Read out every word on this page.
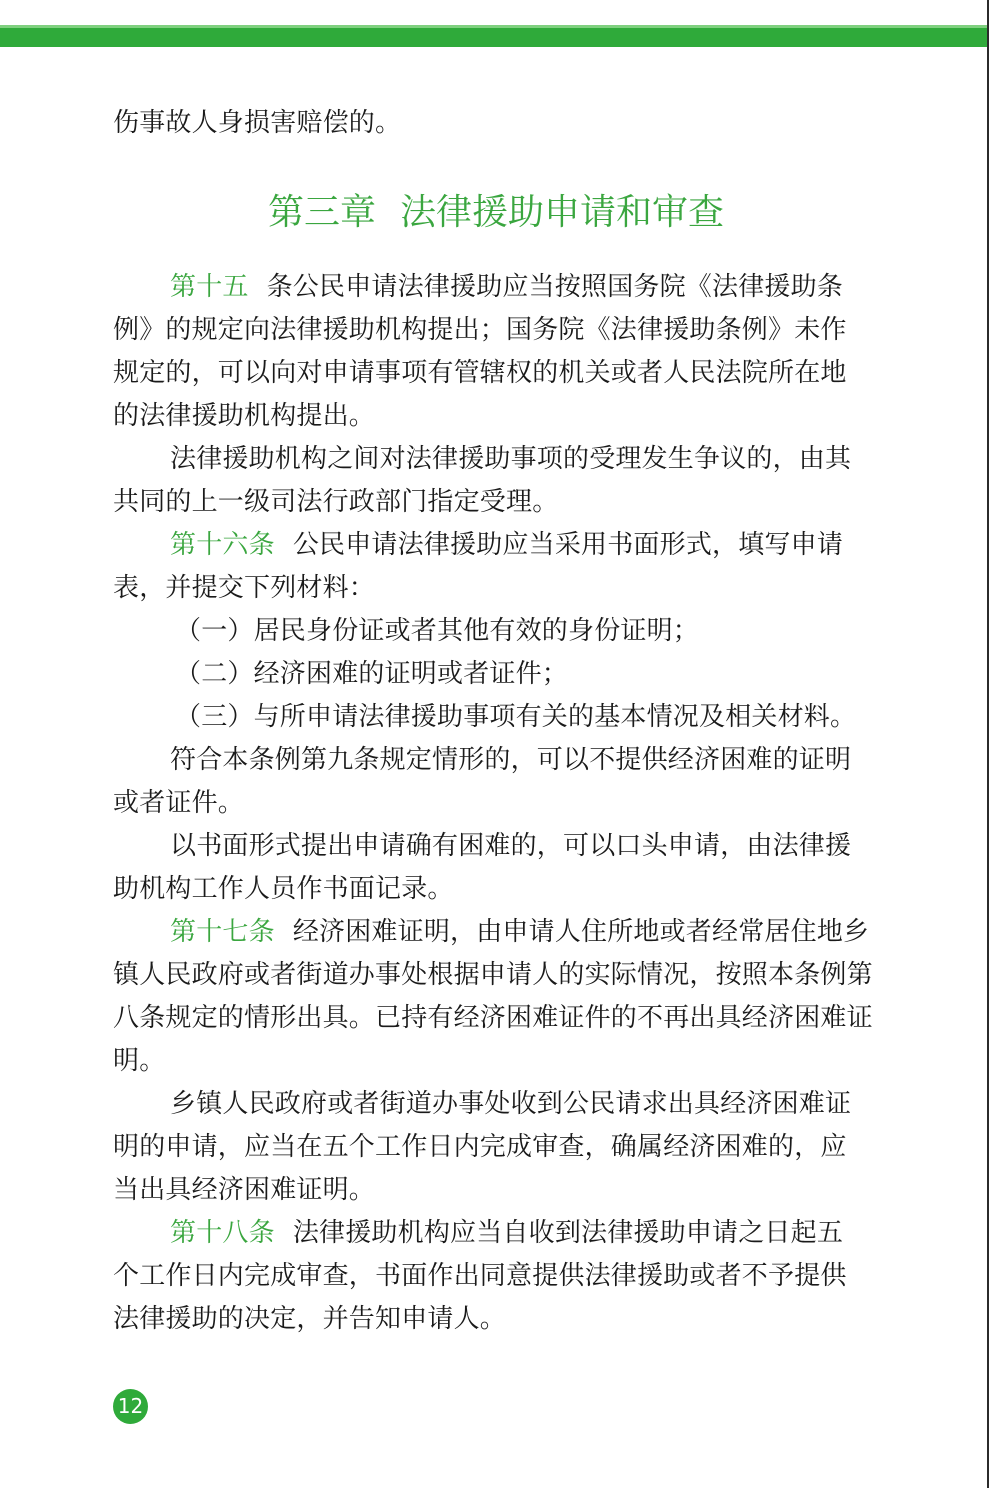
伤事故人身损害赔偿的。
第三章 法律援助申请和审查
第十五 条公民申请法律援助应当按照国务院《法律援助条
例》的规定向法律援助机构提出；国务院《法律援助条例》未作
规定的，可以向对申请事项有管辖权的机关或者人民法院所在地
的法律援助机构提出。
法律援助机构之间对法律援助事项的受理发生争议的，由其
共同的上一级司法行政部门指定受理。
第十六条 公民申请法律援助应当采用书面形式，填写申请
表，并提交下列材料：
（一）居民身份证或者其他有效的身份证明；
（二）经济困难的证明或者证件；
（三）与所申请法律援助事项有关的基本情况及相关材料。
符合本条例第九条规定情形的，可以不提供经济困难的证明
或者证件。
以书面形式提出申请确有困难的，可以口头申请，由法律援
助机构工作人员作书面记录。
第十七条 经济困难证明，由申请人住所地或者经常居住地乡
镇人民政府或者街道办事处根据申请人的实际情况，按照本条例第
八条规定的情形出具。已持有经济困难证件的不再出具经济困难证
明。
乡镇人民政府或者街道办事处收到公民请求出具经济困难证
明的申请，应当在五个工作日内完成审查，确属经济困难的，应
当出具经济困难证明。
第十八条 法律援助机构应当自收到法律援助申请之日起五
个工作日内完成审查，书面作出同意提供法律援助或者不予提供
法律援助的决定，并告知申请人。
12
